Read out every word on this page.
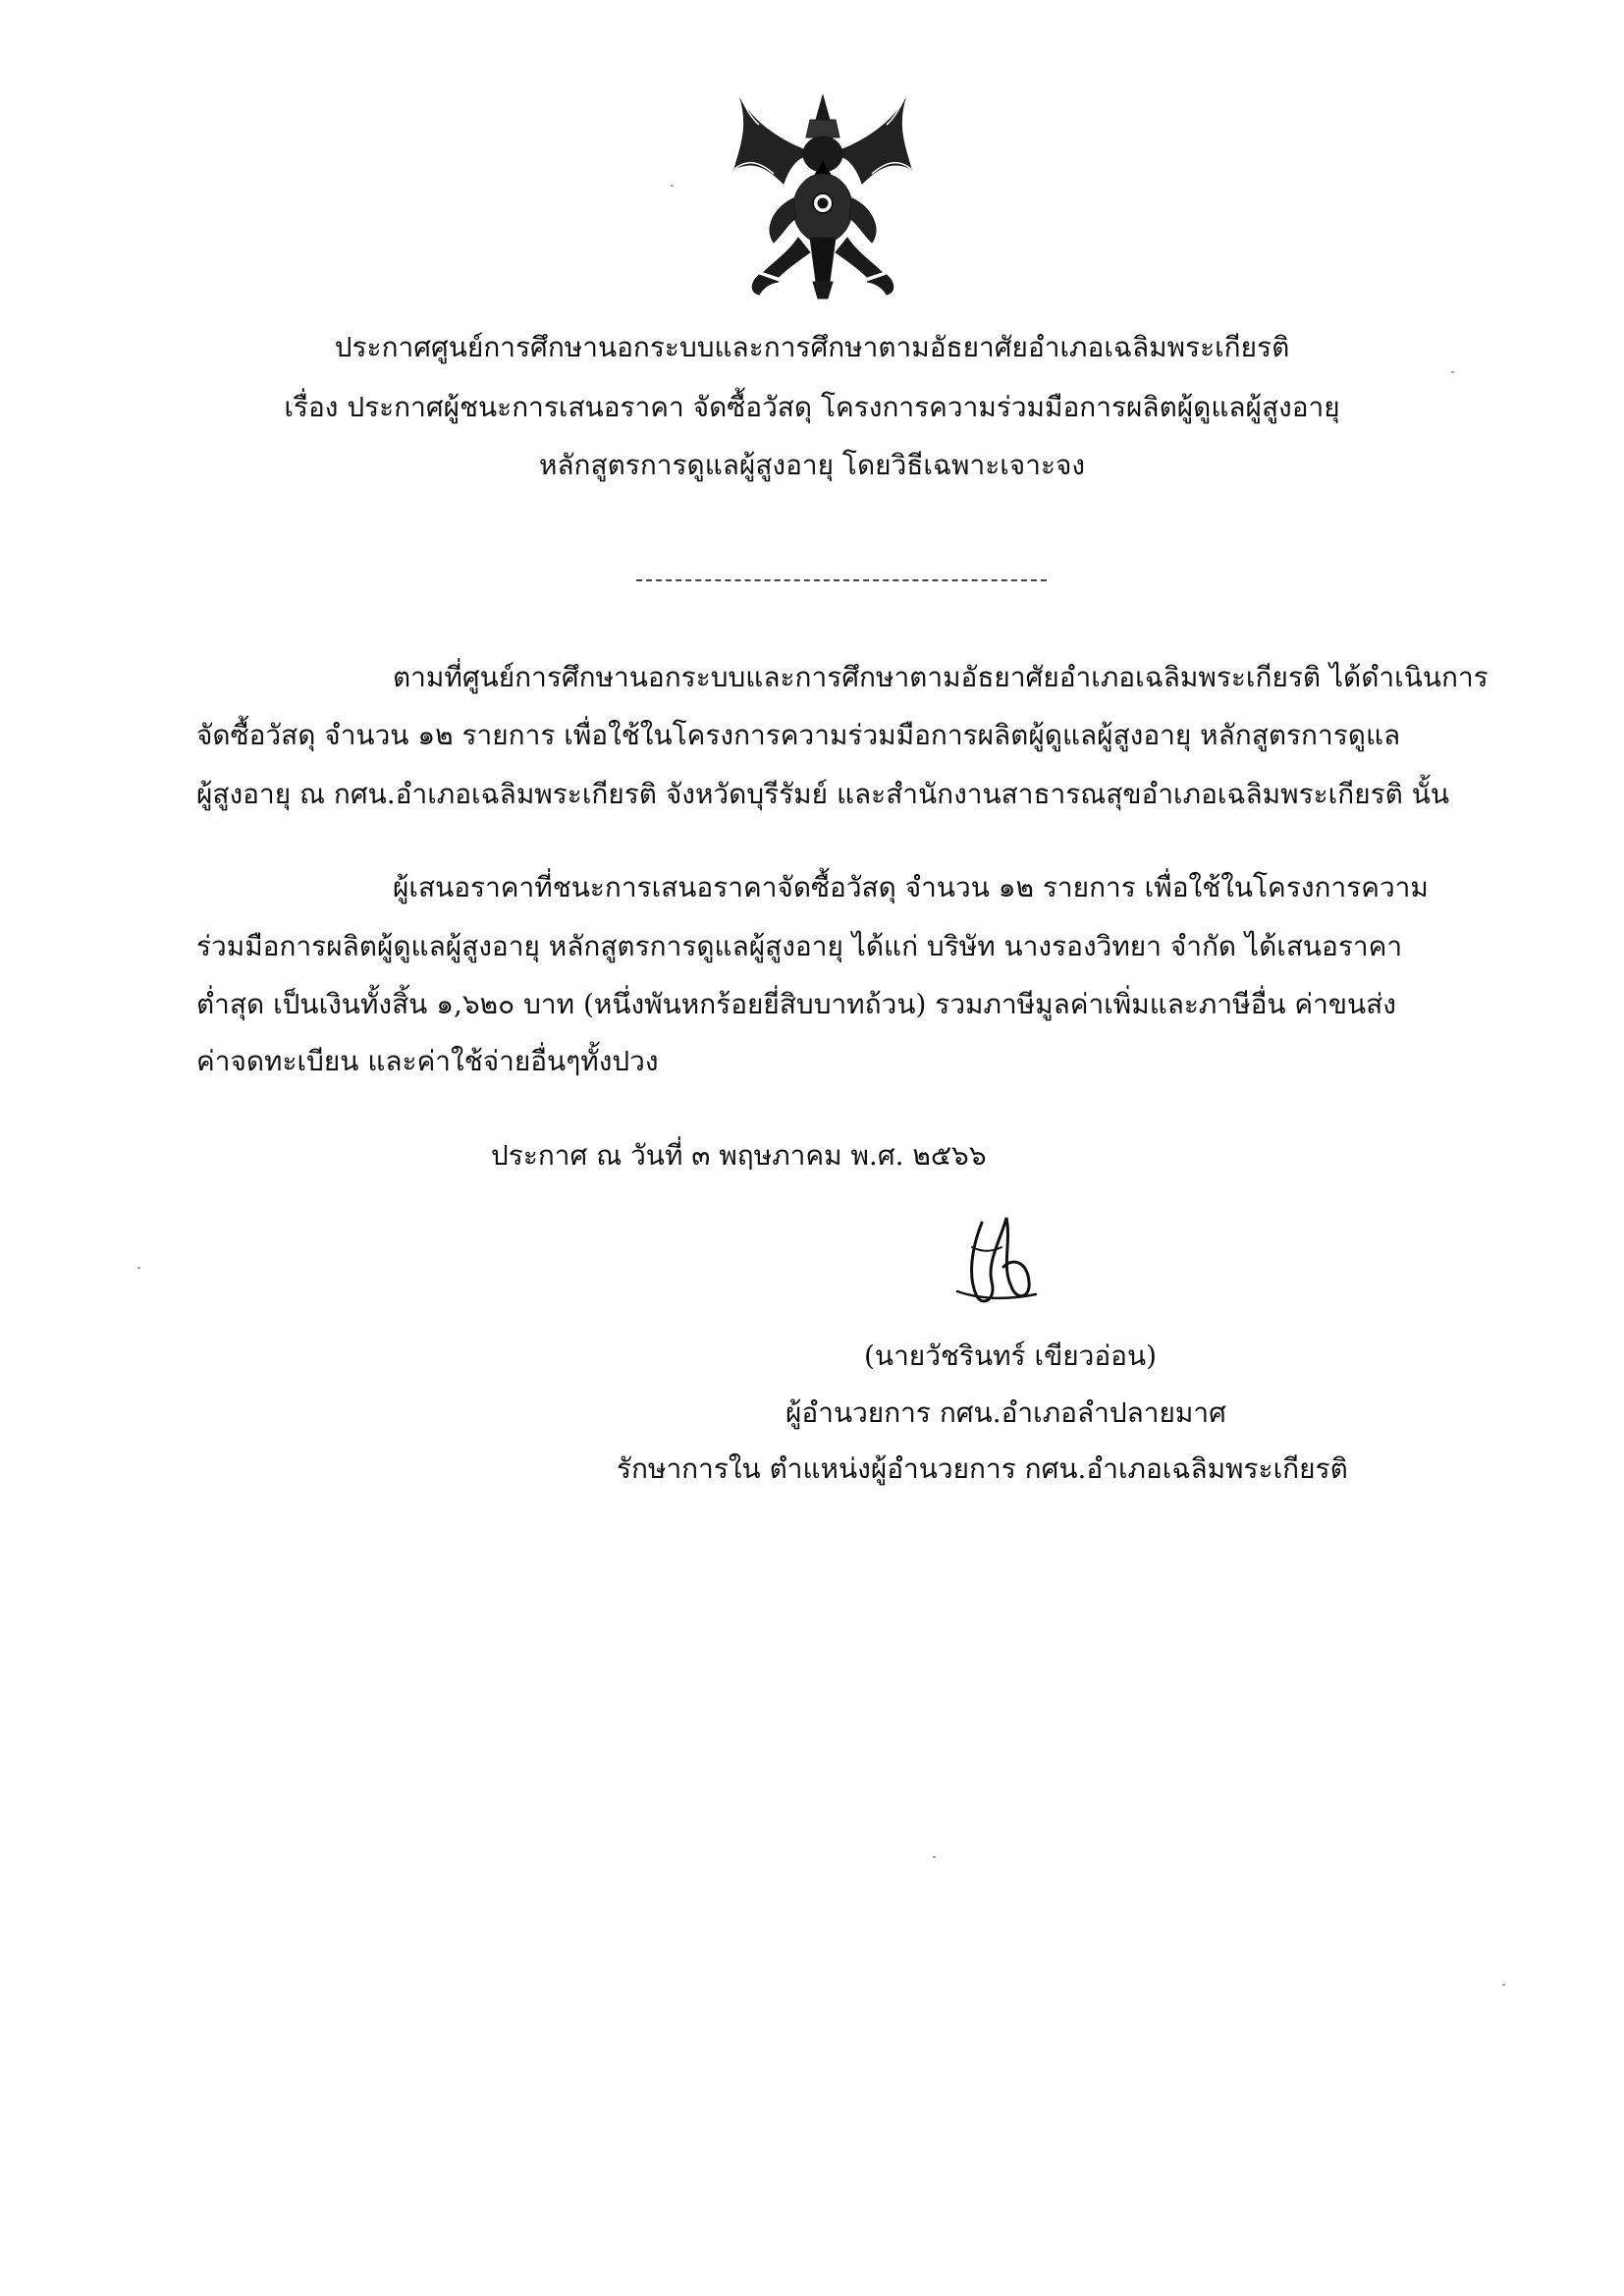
ประกาศศูนย์การศึกษานอกระบบและการศึกษาตามอัธยาศัยอำเภอเฉลิมพระเกียรติ
เรื่อง ประกาศผู้ชนะการเสนอราคา จัดซื้อวัสดุ โครงการความร่วมมือการผลิตผู้ดูแลผู้สูงอายุ
หลักสูตรการดูแลผู้สูงอายุ โดยวิธีเฉพาะเจาะจง
ตามที่ศูนย์การศึกษานอกระบบและการศึกษาตามอัธยาศัยอำเภอเฉลิมพระเกียรติ ได้ดำเนินการ
จัดซื้อวัสดุ จำนวน ๑๒ รายการ เพื่อใช้ในโครงการความร่วมมือการผลิตผู้ดูแลผู้สูงอายุ หลักสูตรการดูแล
ผู้สูงอายุ ณ กศน.อำเภอเฉลิมพระเกียรติ จังหวัดบุรีรัมย์ และสำนักงานสาธารณสุขอำเภอเฉลิมพระเกียรติ นั้น
ผู้เสนอราคาที่ชนะการเสนอราคาจัดซื้อวัสดุ จำนวน ๑๒ รายการ เพื่อใช้ในโครงการความ
ร่วมมือการผลิตผู้ดูแลผู้สูงอายุ หลักสูตรการดูแลผู้สูงอายุ ได้แก่ บริษัท นางรองวิทยา จำกัด ได้เสนอราคา
ต่ำสุด เป็นเงินทั้งสิ้น ๑,๖๒๐ บาท (หนึ่งพันหกร้อยยี่สิบบาทถ้วน) รวมภาษีมูลค่าเพิ่มและภาษีอื่น ค่าขนส่ง
ค่าจดทะเบียน และค่าใช้จ่ายอื่นๆทั้งปวง
ประกาศ ณ วันที่ ๓ พฤษภาคม พ.ศ. ๒๕๖๖
(นายวัชรินทร์ เขียวอ่อน)
ผู้อำนวยการ กศน.อำเภอลำปลายมาศ
รักษาการใน ตำแหน่งผู้อำนวยการ กศน.อำเภอเฉลิมพระเกียรติ
